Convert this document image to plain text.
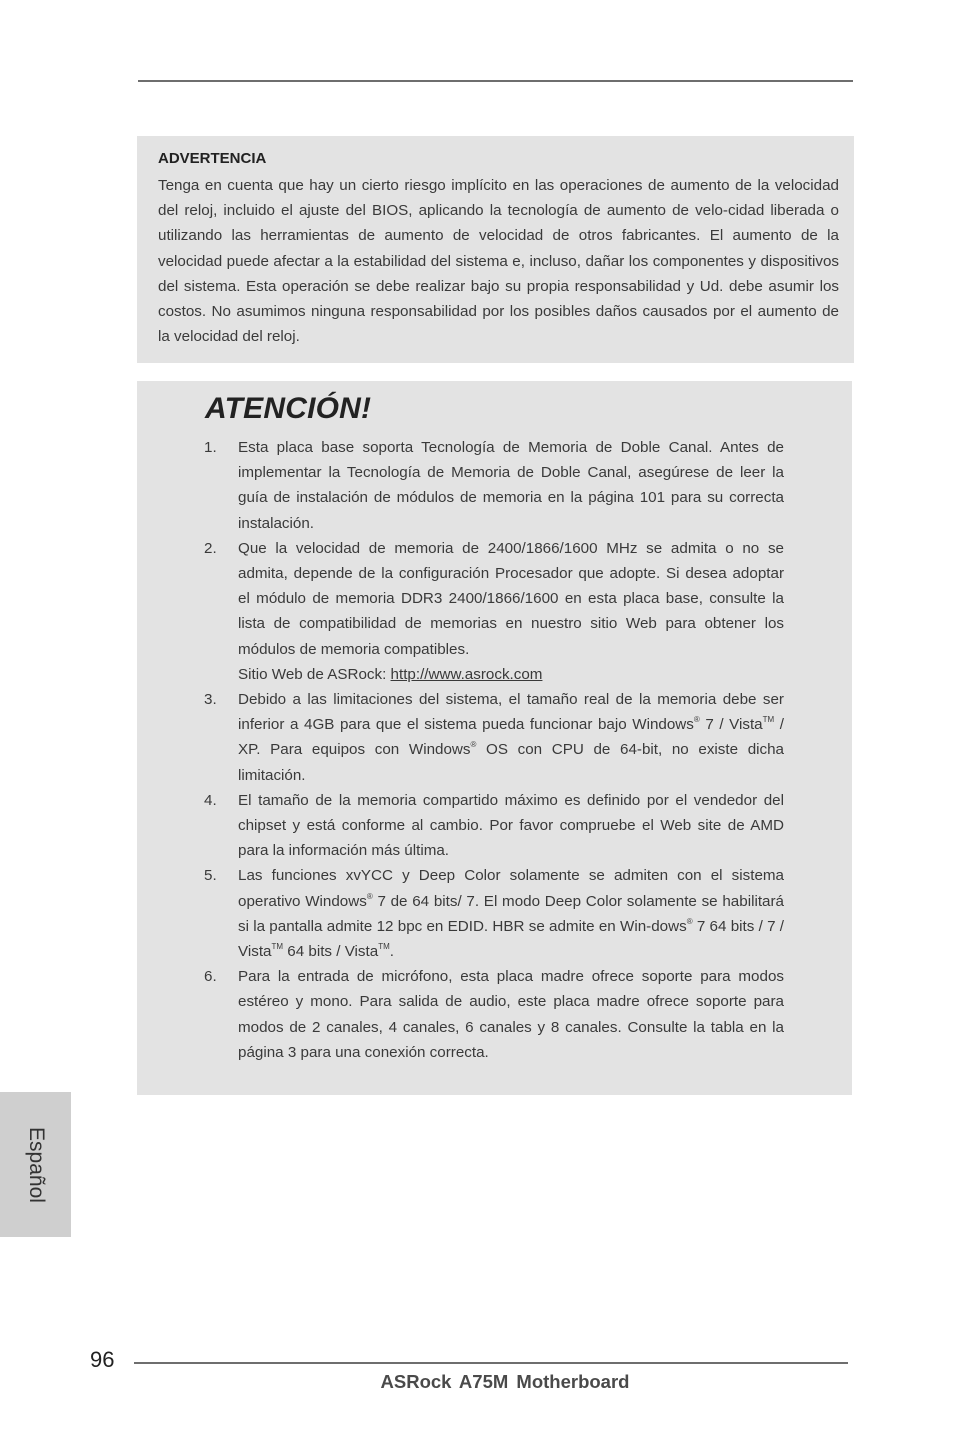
ADVERTENCIA
Tenga en cuenta que hay un cierto riesgo implícito en las operaciones de aumento de la velocidad del reloj, incluido el ajuste del BIOS, aplicando la tecnología de aumento de velo-cidad liberada o utilizando las herramientas de aumento de velocidad de otros fabricantes. El aumento de la velocidad puede afectar a la estabilidad del sistema e, incluso, dañar los componentes y dispositivos del sistema. Esta operación se debe realizar bajo su propia responsabilidad y Ud. debe asumir los costos. No asumimos ninguna responsabilidad por los posibles daños causados por el aumento de la velocidad del reloj.
ATENCIÓN!
1. Esta placa base soporta Tecnología de Memoria de Doble Canal. Antes de implementar la Tecnología de Memoria de Doble Canal, asegúrese de leer la guía de instalación de módulos de memoria en la página 101 para su correcta instalación.
2. Que la velocidad de memoria de 2400/1866/1600 MHz se admita o no se admita, depende de la configuración Procesador que adopte. Si desea adoptar el módulo de memoria DDR3 2400/1866/1600 en esta placa base, consulte la lista de compatibilidad de memorias en nuestro sitio Web para obtener los módulos de memoria compatibles.
Sitio Web de ASRock: http://www.asrock.com
3. Debido a las limitaciones del sistema, el tamaño real de la memoria debe ser inferior a 4GB para que el sistema pueda funcionar bajo Windows® 7 / Vista™ / XP. Para equipos con Windows® OS con CPU de 64-bit, no existe dicha limitación.
4. El tamaño de la memoria compartido máximo es definido por el vendedor del chipset y está conforme al cambio. Por favor compruebe el Web site de AMD para la información más última.
5. Las funciones xvYCC y Deep Color solamente se admiten con el sistema operativo Windows® 7 de 64 bits/ 7. El modo Deep Color solamente se habilitará si la pantalla admite 12 bpc en EDID. HBR se admite en Win-dows® 7 64 bits / 7 / Vista™ 64 bits / Vista™.
6. Para la entrada de micrófono, esta placa madre ofrece soporte para modos estéreo y mono. Para salida de audio, este placa madre ofrece soporte para modos de 2 canales, 4 canales, 6 canales y 8 canales. Consulte la tabla en la página 3 para una conexión correcta.
Español
96
ASRock A75M Motherboard
